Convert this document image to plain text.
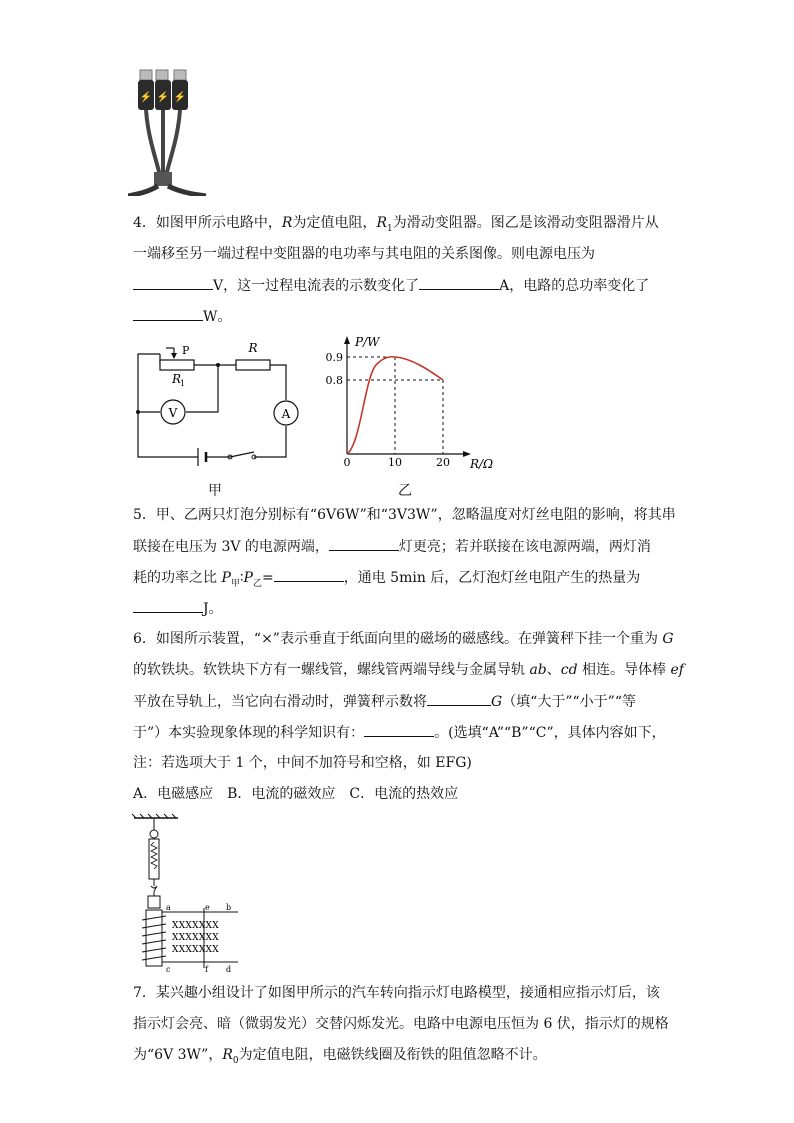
⚡ ⚡ ⚡
4．如图甲所示电路中，R为定值电阻，$R_1$为滑动变阻器。图乙是该滑动变阻器滑片从
一端移至另一端过程中变阻器的电功率与其电阻的关系图像。则电源电压为
V，这一过程电流表的示数变化了	A，电路的总功率变化了
W。
V	A
P	R
R
1
甲
P/W
R/Ω
0.9
0.8
0	10	20
乙
5．甲、乙两只灯泡分别标有“6V6W”和“3V3W”，忽略温度对灯丝电阻的影响，将其串
联接在电压为 3V 的电源两端，	灯更亮；若并联接在该电源两端，两灯消
耗的功率之比 $P_甲∶P_乙=$	，通电 5min 后，乙灯泡灯丝电阻产生的热量为
J。
6．如图所示装置，“×”表示垂直于纸面向里的磁场的磁感线。在弹簧秤下挂一个重为 G
的软铁块。软铁块下方有一螺线管，螺线管两端导线与金属导轨 ab、cd 相连。导体棒 ef
平放在导轨上，当它向右滑动时，弹簧秤示数将	G（填“大于”“小于”“等
于”）本实验现象体现的科学知识有：	。(选填“A”“B”“C”，具体内容如下，
注：若选项大于 1 个，中间不加符号和空格，如 EFG)
A．电磁感应　B．电流的磁效应　C．电流的热效应
a	e b
c	f d
XXXXXXX
XXXXXXX
XXXXXXX
7．某兴趣小组设计了如图甲所示的汽车转向指示灯电路模型，接通相应指示灯后，该
指示灯会亮、暗（微弱发光）交替闪烁发光。电路中电源电压恒为 6 伏，指示灯的规格
为“6V 3W”，$R_0$为定值电阻，电磁铁线圈及衔铁的阻值忽略不计。
